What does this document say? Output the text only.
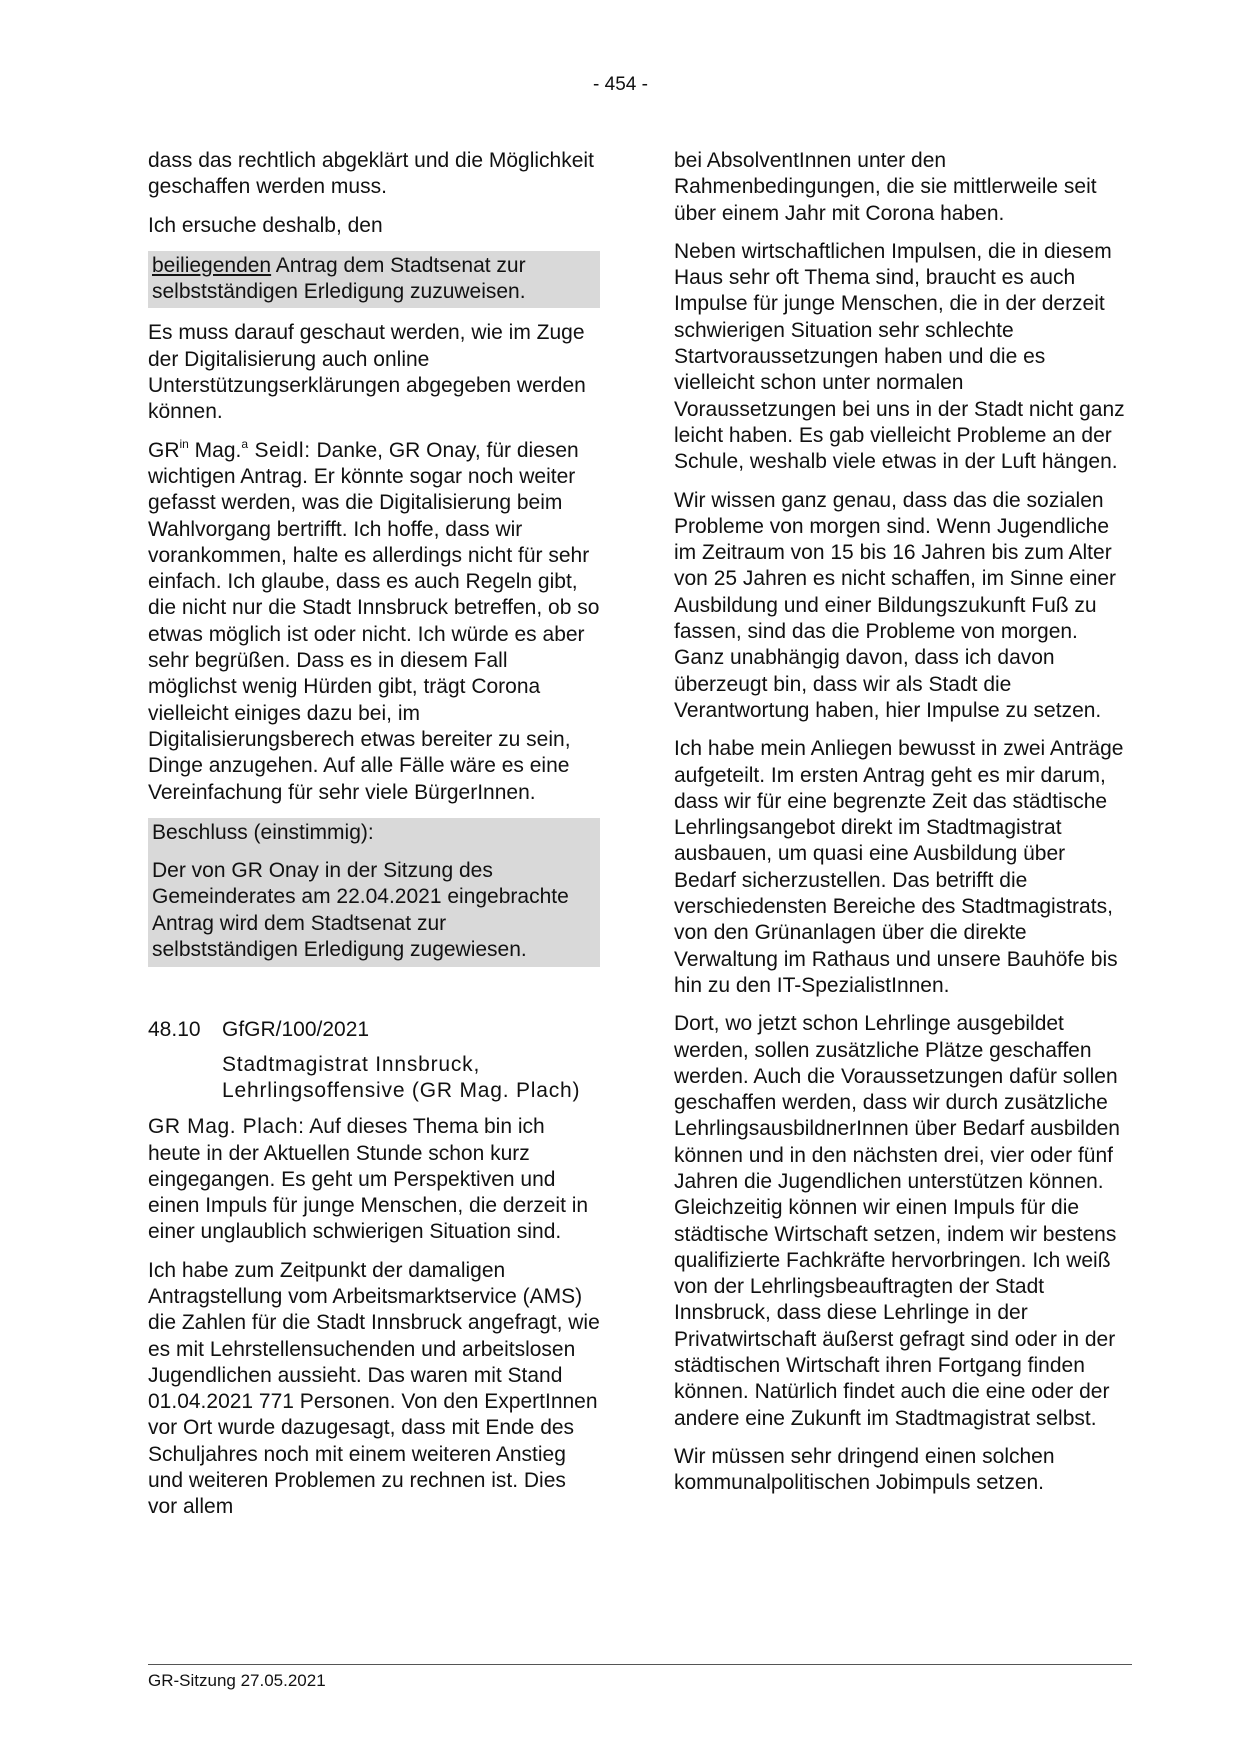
- 454 -

dass das rechtlich abgeklärt und die Möglichkeit geschaffen werden muss.

Ich ersuche deshalb, den

beiliegenden Antrag dem Stadtsenat zur selbstständigen Erledigung zuzuweisen.

Es muss darauf geschaut werden, wie im Zuge der Digitalisierung auch online Unterstützungserklärungen abgegeben werden können.

$GR^{in}$ Mag.$^a$ Seidl: Danke, GR Onay, für diesen wichtigen Antrag. Er könnte sogar noch weiter gefasst werden, was die Digitalisierung beim Wahlvorgang bertrifft. Ich hoffe, dass wir vorankommen, halte es allerdings nicht für sehr einfach. Ich glaube, dass es auch Regeln gibt, die nicht nur die Stadt Innsbruck betreffen, ob so etwas möglich ist oder nicht. Ich würde es aber sehr begrüßen. Dass es in diesem Fall möglichst wenig Hürden gibt, trägt Corona vielleicht einiges dazu bei, im Digitalisierungsberech etwas bereiter zu sein, Dinge anzugehen. Auf alle Fälle wäre es eine Vereinfachung für sehr viele BürgerInnen.

Beschluss (einstimmig):

Der von GR Onay in der Sitzung des Gemeinderates am 22.04.2021 eingebrachte Antrag wird dem Stadtsenat zur selbstständigen Erledigung zugewiesen.

48.10 GfGR/100/2021

Stadtmagistrat Innsbruck, Lehrlingsoffensive (GR Mag. Plach)

GR Mag. Plach: Auf dieses Thema bin ich heute in der Aktuellen Stunde schon kurz eingegangen. Es geht um Perspektiven und einen Impuls für junge Menschen, die derzeit in einer unglaublich schwierigen Situation sind.

Ich habe zum Zeitpunkt der damaligen Antragstellung vom Arbeitsmarktservice (AMS) die Zahlen für die Stadt Innsbruck angefragt, wie es mit Lehrstellensuchenden und arbeitslosen Jugendlichen aussieht. Das waren mit Stand 01.04.2021 771 Personen. Von den ExpertInnen vor Ort wurde dazugesagt, dass mit Ende des Schuljahres noch mit einem weiteren Anstieg und weiteren Problemen zu rechnen ist. Dies vor allem

bei AbsolventInnen unter den Rahmenbedingungen, die sie mittlerweile seit über einem Jahr mit Corona haben.

Neben wirtschaftlichen Impulsen, die in diesem Haus sehr oft Thema sind, braucht es auch Impulse für junge Menschen, die in der derzeit schwierigen Situation sehr schlechte Startvoraussetzungen haben und die es vielleicht schon unter normalen Voraussetzungen bei uns in der Stadt nicht ganz leicht haben. Es gab vielleicht Probleme an der Schule, weshalb viele etwas in der Luft hängen.

Wir wissen ganz genau, dass das die sozialen Probleme von morgen sind. Wenn Jugendliche im Zeitraum von 15 bis 16 Jahren bis zum Alter von 25 Jahren es nicht schaffen, im Sinne einer Ausbildung und einer Bildungszukunft Fuß zu fassen, sind das die Probleme von morgen. Ganz unabhängig davon, dass ich davon überzeugt bin, dass wir als Stadt die Verantwortung haben, hier Impulse zu setzen.

Ich habe mein Anliegen bewusst in zwei Anträge aufgeteilt. Im ersten Antrag geht es mir darum, dass wir für eine begrenzte Zeit das städtische Lehrlingsangebot direkt im Stadtmagistrat ausbauen, um quasi eine Ausbildung über Bedarf sicherzustellen. Das betrifft die verschiedensten Bereiche des Stadtmagistrats, von den Grünanlagen über die direkte Verwaltung im Rathaus und unsere Bauhöfe bis hin zu den IT-SpezialistInnen.

Dort, wo jetzt schon Lehrlinge ausgebildet werden, sollen zusätzliche Plätze geschaffen werden. Auch die Voraussetzungen dafür sollen geschaffen werden, dass wir durch zusätzliche LehrlingsausbildnerInnen über Bedarf ausbilden können und in den nächsten drei, vier oder fünf Jahren die Jugendlichen unterstützen können. Gleichzeitig können wir einen Impuls für die städtische Wirtschaft setzen, indem wir bestens qualifizierte Fachkräfte hervorbringen. Ich weiß von der Lehrlingsbeauftragten der Stadt Innsbruck, dass diese Lehrlinge in der Privatwirtschaft äußerst gefragt sind oder in der städtischen Wirtschaft ihren Fortgang finden können. Natürlich findet auch die eine oder der andere eine Zukunft im Stadtmagistrat selbst.

Wir müssen sehr dringend einen solchen kommunalpolitischen Jobimpuls setzen.

GR-Sitzung 27.05.2021
